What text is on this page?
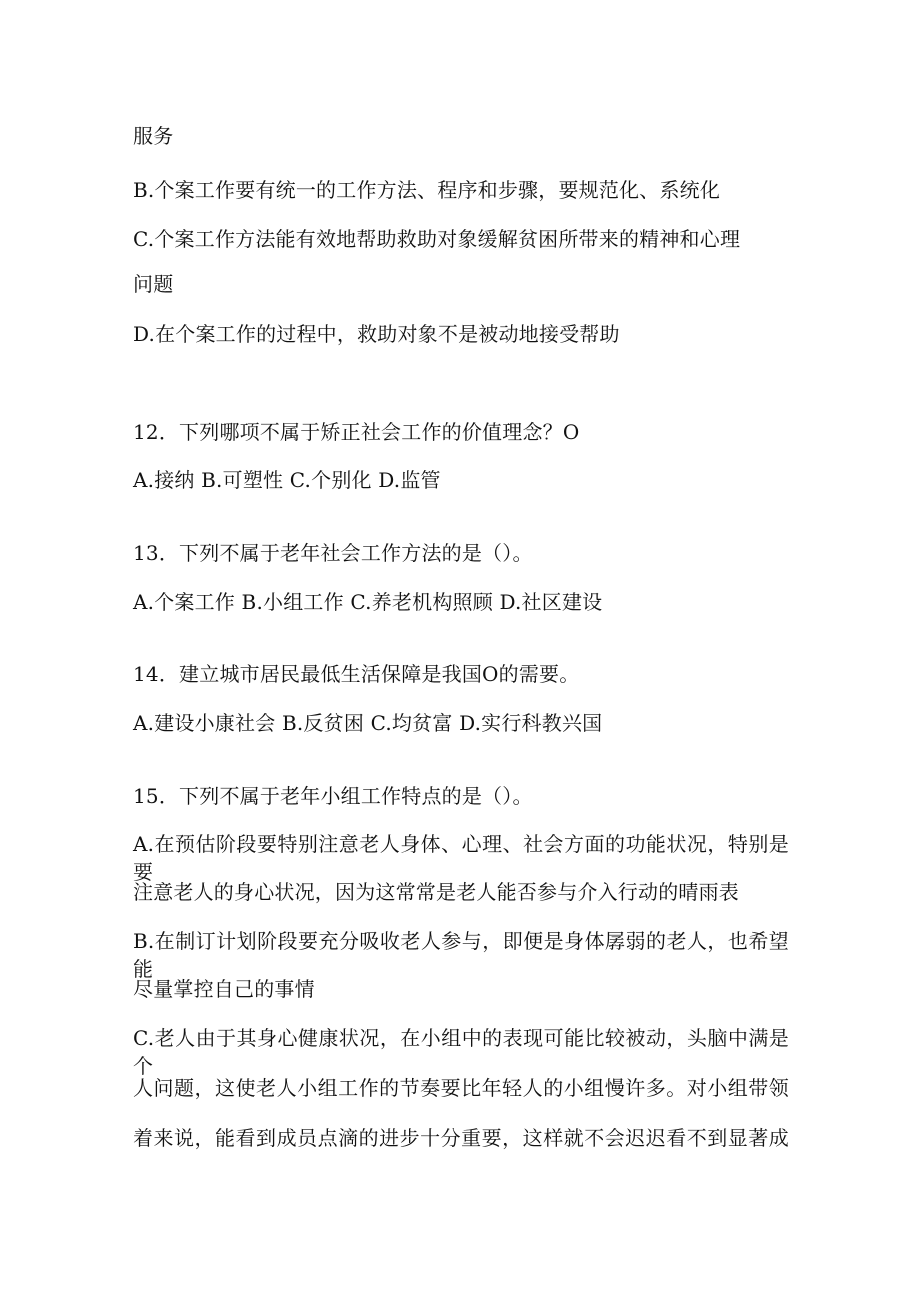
服务
B.个案工作要有统一的工作方法、程序和步骤，要规范化、系统化
C.个案工作方法能有效地帮助救助对象缓解贫困所带来的精神和心理
问题
D.在个案工作的过程中，救助对象不是被动地接受帮助
12．下列哪项不属于矫正社会工作的价值理念？O
A.接纳 B.可塑性 C.个别化 D.监管
13．下列不属于老年社会工作方法的是（）。
A.个案工作 B.小组工作 C.养老机构照顾 D.社区建设
14．建立城市居民最低生活保障是我国O的需要。
A.建设小康社会 B.反贫困 C.均贫富 D.实行科教兴国
15．下列不属于老年小组工作特点的是（）。
A.在预估阶段要特别注意老人身体、心理、社会方面的功能状况，特别是要
注意老人的身心状况，因为这常常是老人能否参与介入行动的晴雨表
B.在制订计划阶段要充分吸收老人参与，即便是身体孱弱的老人，也希望能
尽量掌控自己的事情
C.老人由于其身心健康状况，在小组中的表现可能比较被动，头脑中满是个
人问题，这使老人小组工作的节奏要比年轻人的小组慢许多。对小组带领
着来说，能看到成员点滴的进步十分重要，这样就不会迟迟看不到显著成
